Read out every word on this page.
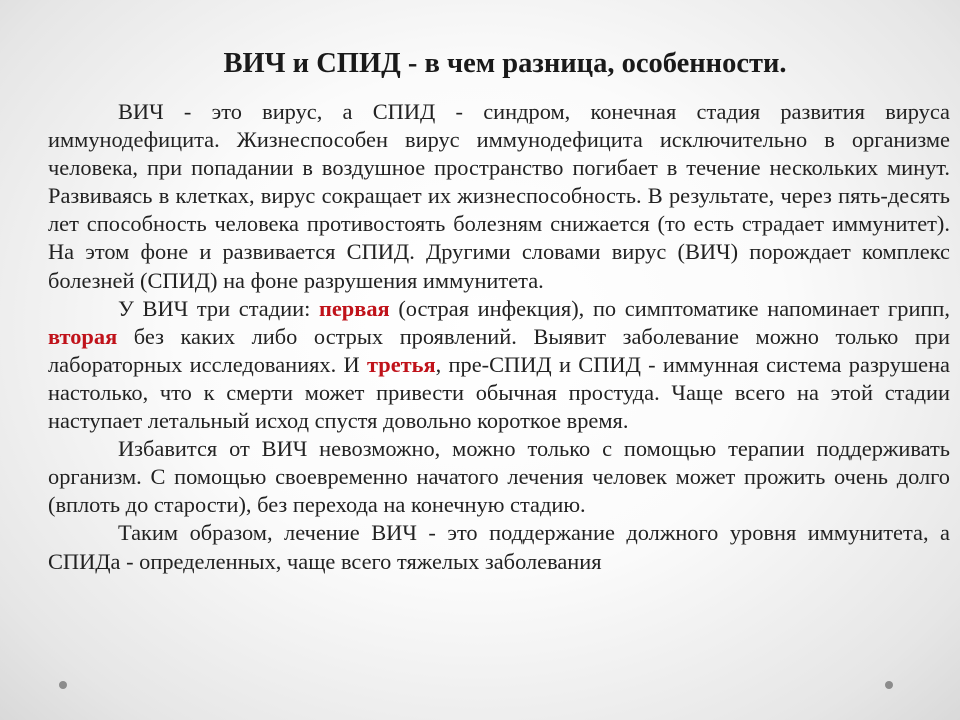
ВИЧ и СПИД - в чем разница, особенности.

ВИЧ - это вирус, а СПИД - синдром, конечная стадия развития вируса иммунодефицита. Жизнеспособен вирус иммунодефицита исключительно в организме человека, при попадании в воздушное пространство погибает в течение нескольких минут. Развиваясь в клетках, вирус сокращает их жизнеспособность. В результате, через пять-десять лет способность человека противостоять болезням снижается (то есть страдает иммунитет). На этом фоне и развивается СПИД. Другими словами вирус (ВИЧ) порождает комплекс болезней (СПИД) на фоне разрушения иммунитета.

У ВИЧ три стадии: первая (острая инфекция), по симптоматике напоминает грипп, вторая без каких либо острых проявлений. Выявит заболевание можно только при лабораторных исследованиях. И третья, пре-СПИД и СПИД - иммунная система разрушена настолько, что к смерти может привести обычная простуда. Чаще всего на этой стадии наступает летальный исход спустя довольно короткое время.

Избавится от ВИЧ невозможно, можно только с помощью терапии поддерживать организм. С помощью своевременно начатого лечения человек может прожить очень долго (вплоть до старости), без перехода на конечную стадию.

Таким образом, лечение ВИЧ - это поддержание должного уровня иммунитета, а СПИДа - определенных, чаще всего тяжелых заболевания
